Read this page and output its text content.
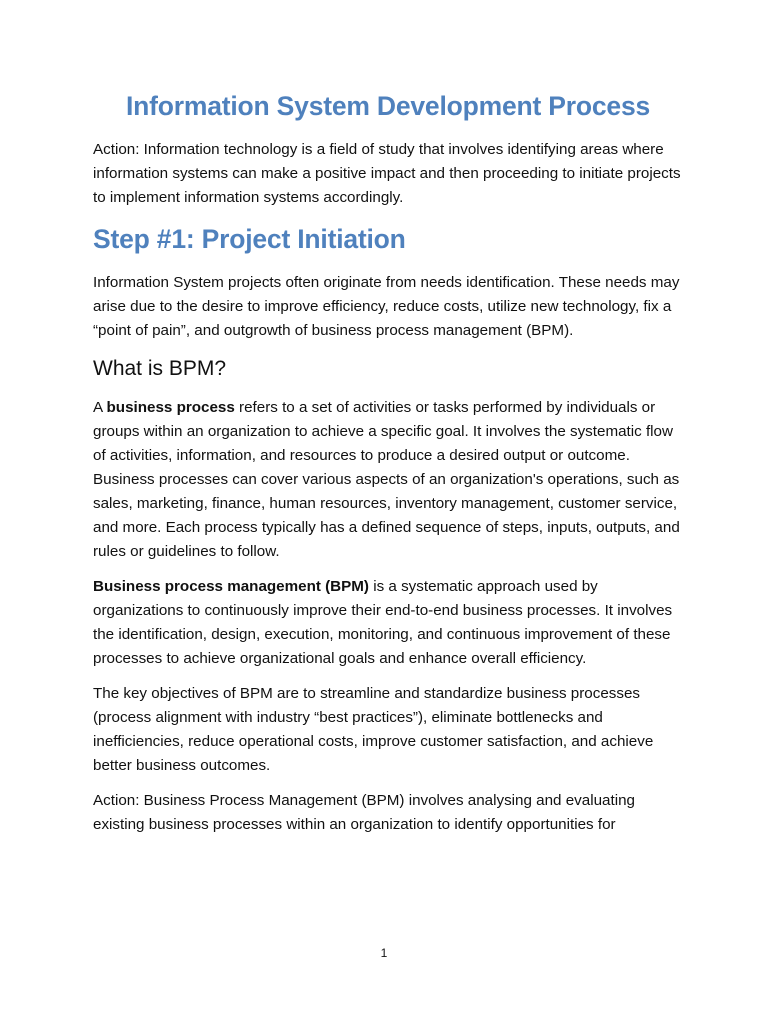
Information System Development Process

Action: Information technology is a field of study that involves identifying areas where information systems can make a positive impact and then proceeding to initiate projects to implement information systems accordingly.

Step #1: Project Initiation

Information System projects often originate from needs identification. These needs may arise due to the desire to improve efficiency, reduce costs, utilize new technology, fix a “point of pain”, and outgrowth of business process management (BPM).

What is BPM?

A business process refers to a set of activities or tasks performed by individuals or groups within an organization to achieve a specific goal. It involves the systematic flow of activities, information, and resources to produce a desired output or outcome. Business processes can cover various aspects of an organization's operations, such as sales, marketing, finance, human resources, inventory management, customer service, and more. Each process typically has a defined sequence of steps, inputs, outputs, and rules or guidelines to follow.

Business process management (BPM) is a systematic approach used by organizations to continuously improve their end-to-end business processes. It involves the identification, design, execution, monitoring, and continuous improvement of these processes to achieve organizational goals and enhance overall efficiency.

The key objectives of BPM are to streamline and standardize business processes (process alignment with industry “best practices”), eliminate bottlenecks and inefficiencies, reduce operational costs, improve customer satisfaction, and achieve better business outcomes.

Action: Business Process Management (BPM) involves analysing and evaluating existing business processes within an organization to identify opportunities for

1
